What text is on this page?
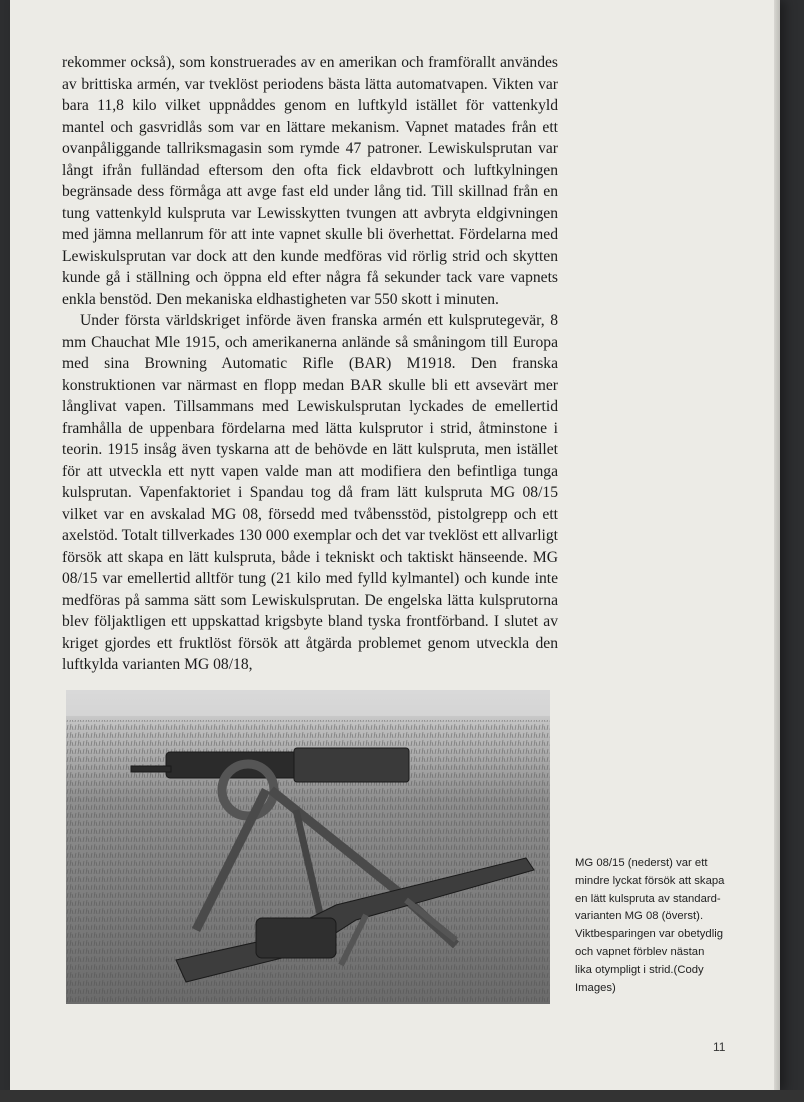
rekommer också), som konstruerades av en amerikan och framförallt användes av brittiska armén, var tveklöst periodens bästa lätta automatvapen. Vikten var bara 11,8 kilo vilket uppnåddes genom en luftkyld istället för vattenkyld mantel och gasvridlås som var en lättare mekanism. Vapnet matades från ett ovanpåliggande tallriksmagasin som rymde 47 patroner. Lewiskulsprutan var långt ifrån fulländad eftersom den ofta fick eldavbrott och luftkylningen begränsade dess förmåga att avge fast eld under lång tid. Till skillnad från en tung vattenkyld kulspruta var Lewisskytten tvungen att avbryta eldgivningen med jämna mellanrum för att inte vapnet skulle bli överhettat. Fördelarna med Lewiskulsprutan var dock att den kunde medföras vid rörlig strid och skytten kunde gå i ställning och öppna eld efter några få sekunder tack vare vapnets enkla benstöd. Den mekaniska eldhastigheten var 550 skott i minuten.

Under första världskriget införde även franska armén ett kulsprutegevär, 8 mm Chauchat Mle 1915, och amerikanerna anlände så småningom till Europa med sina Browning Automatic Rifle (BAR) M1918. Den franska konstruktionen var närmast en flopp medan BAR skulle bli ett avsevärt mer långlivat vapen. Tillsammans med Lewiskulsprutan lyckades de emellertid framhålla de uppenbara fördelarna med lätta kulsprutor i strid, åtminstone i teorin. 1915 insåg även tyskarna att de behövde en lätt kulspruta, men istället för att utveckla ett nytt vapen valde man att modifiera den befintliga tunga kulsprutan. Vapenfaktoriet i Spandau tog då fram lätt kulspruta MG 08/15 vilket var en avskalad MG 08, försedd med tvåbensstöd, pistolgrepp och ett axelstöd. Totalt tillverkades 130 000 exemplar och det var tveklöst ett allvarligt försök att skapa en lätt kulspruta, både i tekniskt och taktiskt hänseende. MG 08/15 var emellertid alltför tung (21 kilo med fylld kylmantel) och kunde inte medföras på samma sätt som Lewiskulsprutan. De engelska lätta kulsprutorna blev följaktligen ett uppskattad krigsbyte bland tyska frontförband. I slutet av kriget gjordes ett fruktlöst försök att åtgärda problemet genom utveckla den luftkylda varianten MG 08/18,

MG 08/15 (nederst) var ett
mindre lyckat försök att skapa
en lätt kulspruta av standard-
varianten MG 08 (överst).
Viktbesparingen var obetydlig
och vapnet förblev nästan
lika otympligt i strid.(Cody
Images)
11
